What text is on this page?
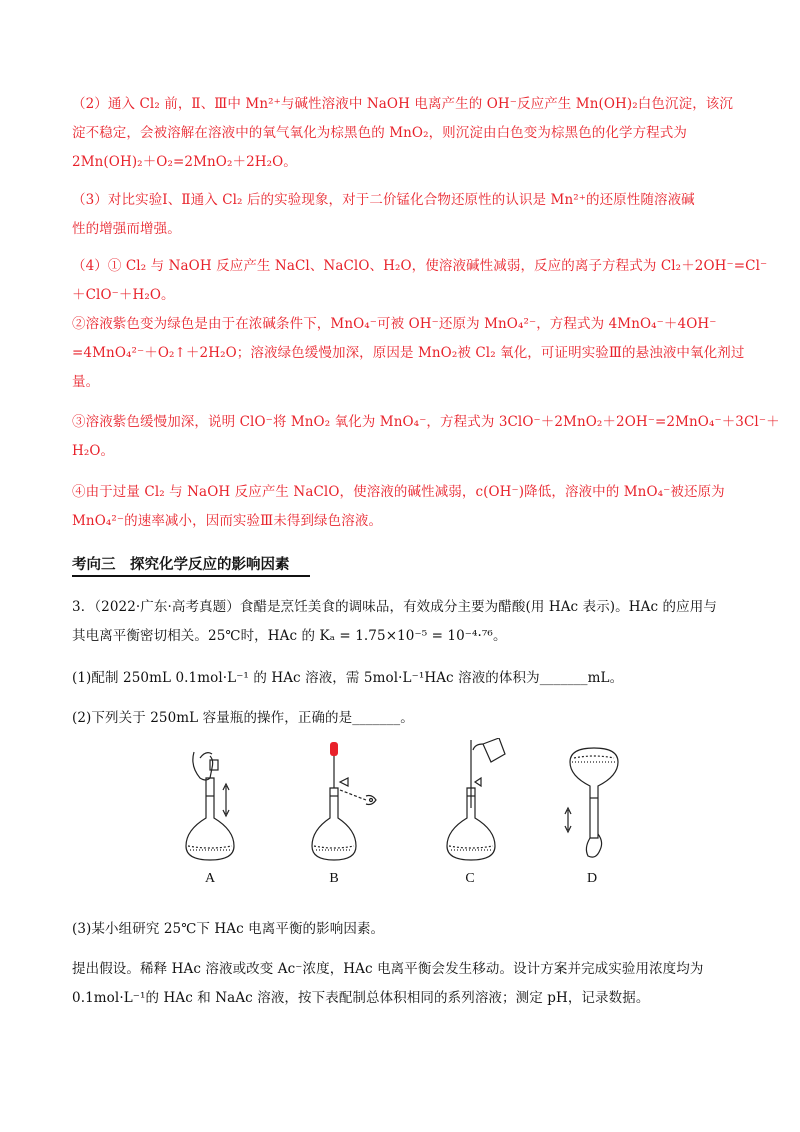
（2）通入 Cl₂ 前，Ⅱ、Ⅲ中 Mn²⁺与碱性溶液中 NaOH 电离产生的 OH⁻反应产生 Mn(OH)₂白色沉淀，该沉
淀不稳定，会被溶解在溶液中的氧气氧化为棕黑色的 MnO₂，则沉淀由白色变为棕黑色的化学方程式为
2Mn(OH)₂＋O₂=2MnO₂＋2H₂O。
（3）对比实验Ⅰ、Ⅱ通入 Cl₂ 后的实验现象，对于二价锰化合物还原性的认识是 Mn²⁺的还原性随溶液碱
性的增强而增强。
（4）① Cl₂ 与 NaOH 反应产生 NaCl、NaClO、H₂O，使溶液碱性减弱，反应的离子方程式为 Cl₂＋2OH⁻=Cl⁻
＋ClO⁻＋H₂O。
②溶液紫色变为绿色是由于在浓碱条件下，MnO₄⁻可被 OH⁻还原为 MnO₄²⁻，方程式为 4MnO₄⁻＋4OH⁻
=4MnO₄²⁻＋O₂↑＋2H₂O；溶液绿色缓慢加深，原因是 MnO₂被 Cl₂ 氧化，可证明实验Ⅲ的悬浊液中氧化剂过
量。
③溶液紫色缓慢加深，说明 ClO⁻将 MnO₂ 氧化为 MnO₄⁻，方程式为 3ClO⁻＋2MnO₂＋2OH⁻=2MnO₄⁻＋3Cl⁻＋
H₂O。
④由于过量 Cl₂ 与 NaOH 反应产生 NaClO，使溶液的碱性减弱，c(OH⁻)降低，溶液中的 MnO₄⁻被还原为
MnO₄²⁻的速率减小，因而实验Ⅲ未得到绿色溶液。
考向三　探究化学反应的影响因素
3．（2022·广东·高考真题）食醋是烹饪美食的调味品，有效成分主要为醋酸(用 HAc 表示)。HAc 的应用与
其电离平衡密切相关。25℃时，HAc 的 Kₐ = 1.75×10⁻⁵ = 10⁻⁴·⁷⁶。
(1)配制 250mL 0.1mol·L⁻¹ 的 HAc 溶液，需 5mol·L⁻¹HAc 溶液的体积为_______mL。
(2)下列关于 250mL 容量瓶的操作，正确的是_______。
A	B	C	D
(3)某小组研究 25℃下 HAc 电离平衡的影响因素。
提出假设。稀释 HAc 溶液或改变 Ac⁻浓度，HAc 电离平衡会发生移动。设计方案并完成实验用浓度均为
0.1mol·L⁻¹的 HAc 和 NaAc 溶液，按下表配制总体积相同的系列溶液；测定 pH，记录数据。
